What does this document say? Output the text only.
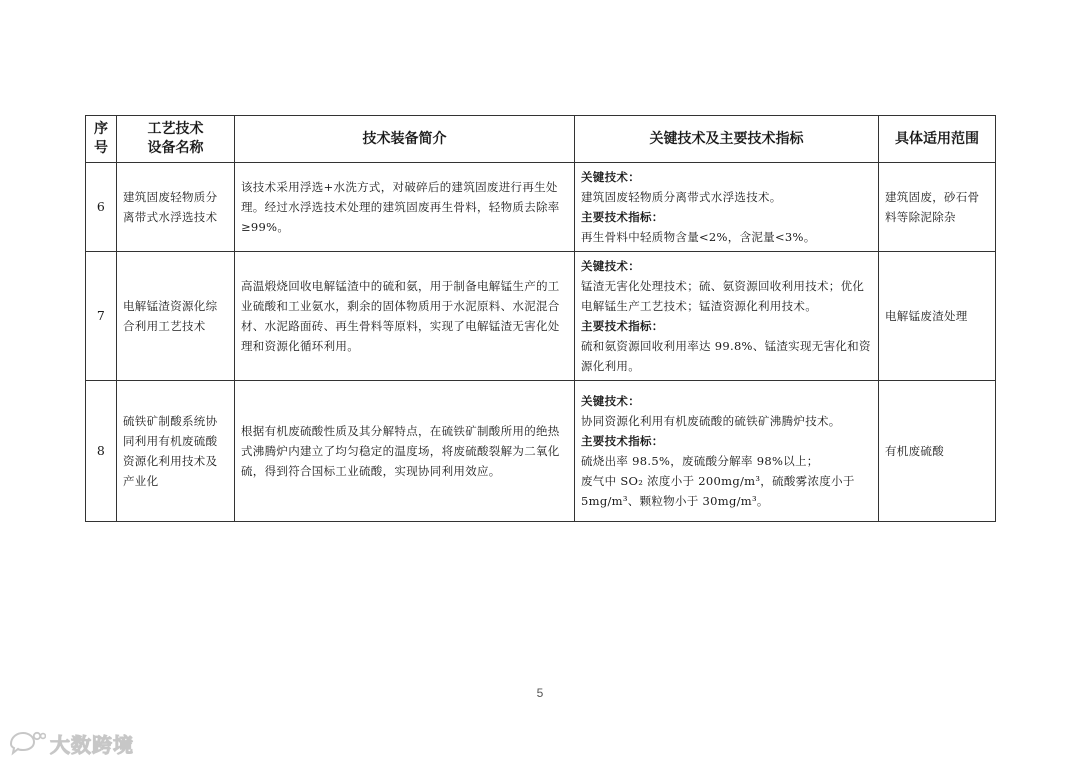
序
号	工艺技术
设备名称	技术装备简介	关键技术及主要技术指标	具体适用范围
6	建筑固废轻物质分离带式水浮选技术	该技术采用浮选+水洗方式，对破碎后的建筑固废进行再生处理。经过水浮选技术处理的建筑固废再生骨料，轻物质去除率≥99%。	关键技术：
建筑固废轻物质分离带式水浮选技术。
主要技术指标：
再生骨料中轻质物含量<2%，含泥量<3%。	建筑固废，砂石骨料等除泥除杂
7	电解锰渣资源化综合利用工艺技术	高温煅烧回收电解锰渣中的硫和氨，用于制备电解锰生产的工业硫酸和工业氨水，剩余的固体物质用于水泥原料、水泥混合材、水泥路面砖、再生骨料等原料，实现了电解锰渣无害化处理和资源化循环利用。	关键技术：
锰渣无害化处理技术；硫、氨资源回收利用技术；优化电解锰生产工艺技术；锰渣资源化利用技术。
主要技术指标：
硫和氨资源回收利用率达 99.8%、锰渣实现无害化和资源化利用。	电解锰废渣处理
8	硫铁矿制酸系统协同利用有机废硫酸资源化利用技术及产业化	根据有机废硫酸性质及其分解特点，在硫铁矿制酸所用的绝热式沸腾炉内建立了均匀稳定的温度场，将废硫酸裂解为二氧化硫，得到符合国标工业硫酸，实现协同利用效应。	关键技术：
协同资源化利用有机废硫酸的硫铁矿沸腾炉技术。
主要技术指标：
硫烧出率 98.5%，废硫酸分解率 98%以上；
废气中 SO₂ 浓度小于 200mg/m³，硫酸雾浓度小于 5mg/m³、颗粒物小于 30mg/m³。	有机废硫酸
5
大数跨境
